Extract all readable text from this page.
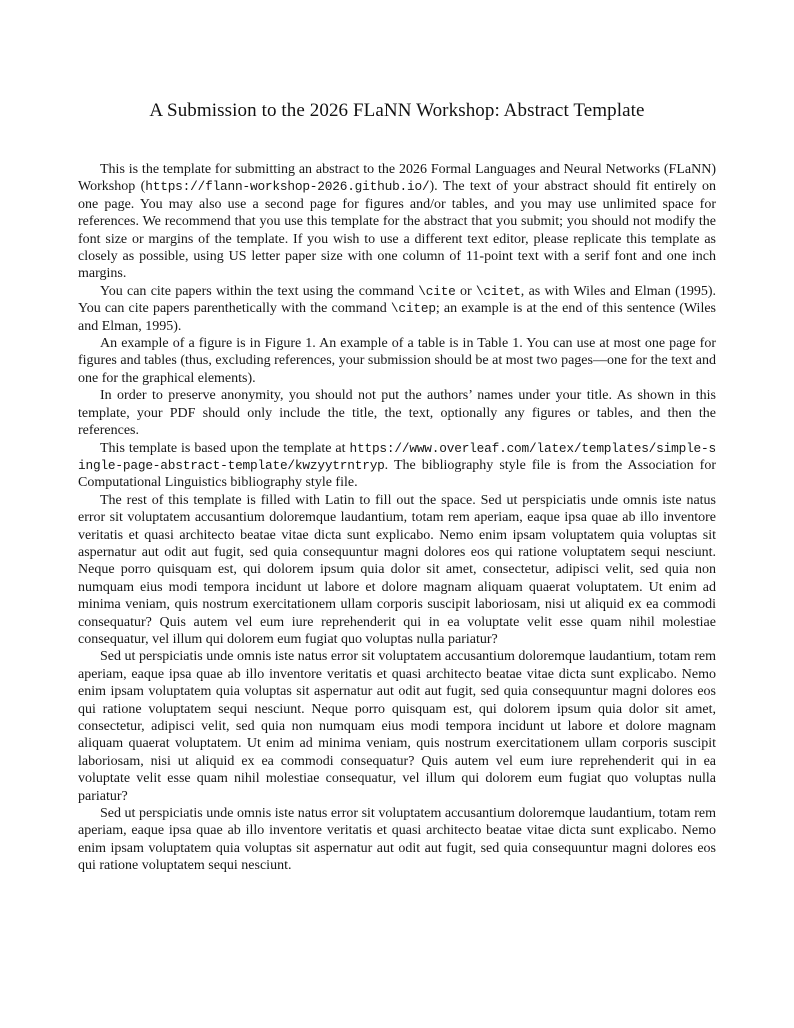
A Submission to the 2026 FLaNN Workshop: Abstract Template

This is the template for submitting an abstract to the 2026 Formal Languages and Neural Networks (FLaNN) Workshop (https://flann-workshop-2026.github.io/). The text of your abstract should fit entirely on one page. You may also use a second page for figures and/or tables, and you may use unlimited space for references. We recommend that you use this template for the abstract that you submit; you should not modify the font size or margins of the template. If you wish to use a different text editor, please replicate this template as closely as possible, using US letter paper size with one column of 11-point text with a serif font and one inch margins.

You can cite papers within the text using the command \cite or \citet, as with Wiles and Elman (1995). You can cite papers parenthetically with the command \citep; an example is at the end of this sentence (Wiles and Elman, 1995).

An example of a figure is in Figure 1. An example of a table is in Table 1. You can use at most one page for figures and tables (thus, excluding references, your submission should be at most two pages—one for the text and one for the graphical elements).

In order to preserve anonymity, you should not put the authors’ names under your title. As shown in this template, your PDF should only include the title, the text, optionally any figures or tables, and then the references.

This template is based upon the template at https://www.overleaf.com/latex/templates/simple-single-page-abstract-template/kwzyytrntryp. The bibliography style file is from the Association for Computational Linguistics bibliography style file.

The rest of this template is filled with Latin to fill out the space. Sed ut perspiciatis unde omnis iste natus error sit voluptatem accusantium doloremque laudantium, totam rem aperiam, eaque ipsa quae ab illo inventore veritatis et quasi architecto beatae vitae dicta sunt explicabo. Nemo enim ipsam voluptatem quia voluptas sit aspernatur aut odit aut fugit, sed quia consequuntur magni dolores eos qui ratione voluptatem sequi nesciunt. Neque porro quisquam est, qui dolorem ipsum quia dolor sit amet, consectetur, adipisci velit, sed quia non numquam eius modi tempora incidunt ut labore et dolore magnam aliquam quaerat voluptatem. Ut enim ad minima veniam, quis nostrum exercitationem ullam corporis suscipit laboriosam, nisi ut aliquid ex ea commodi consequatur? Quis autem vel eum iure reprehenderit qui in ea voluptate velit esse quam nihil molestiae consequatur, vel illum qui dolorem eum fugiat quo voluptas nulla pariatur?

Sed ut perspiciatis unde omnis iste natus error sit voluptatem accusantium doloremque laudantium, totam rem aperiam, eaque ipsa quae ab illo inventore veritatis et quasi architecto beatae vitae dicta sunt explicabo. Nemo enim ipsam voluptatem quia voluptas sit aspernatur aut odit aut fugit, sed quia consequuntur magni dolores eos qui ratione voluptatem sequi nesciunt. Neque porro quisquam est, qui dolorem ipsum quia dolor sit amet, consectetur, adipisci velit, sed quia non numquam eius modi tempora incidunt ut labore et dolore magnam aliquam quaerat voluptatem. Ut enim ad minima veniam, quis nostrum exercitationem ullam corporis suscipit laboriosam, nisi ut aliquid ex ea commodi consequatur? Quis autem vel eum iure reprehenderit qui in ea voluptate velit esse quam nihil molestiae consequatur, vel illum qui dolorem eum fugiat quo voluptas nulla pariatur?

Sed ut perspiciatis unde omnis iste natus error sit voluptatem accusantium doloremque laudantium, totam rem aperiam, eaque ipsa quae ab illo inventore veritatis et quasi architecto beatae vitae dicta sunt explicabo. Nemo enim ipsam voluptatem quia voluptas sit aspernatur aut odit aut fugit, sed quia consequuntur magni dolores eos qui ratione voluptatem sequi nesciunt.
